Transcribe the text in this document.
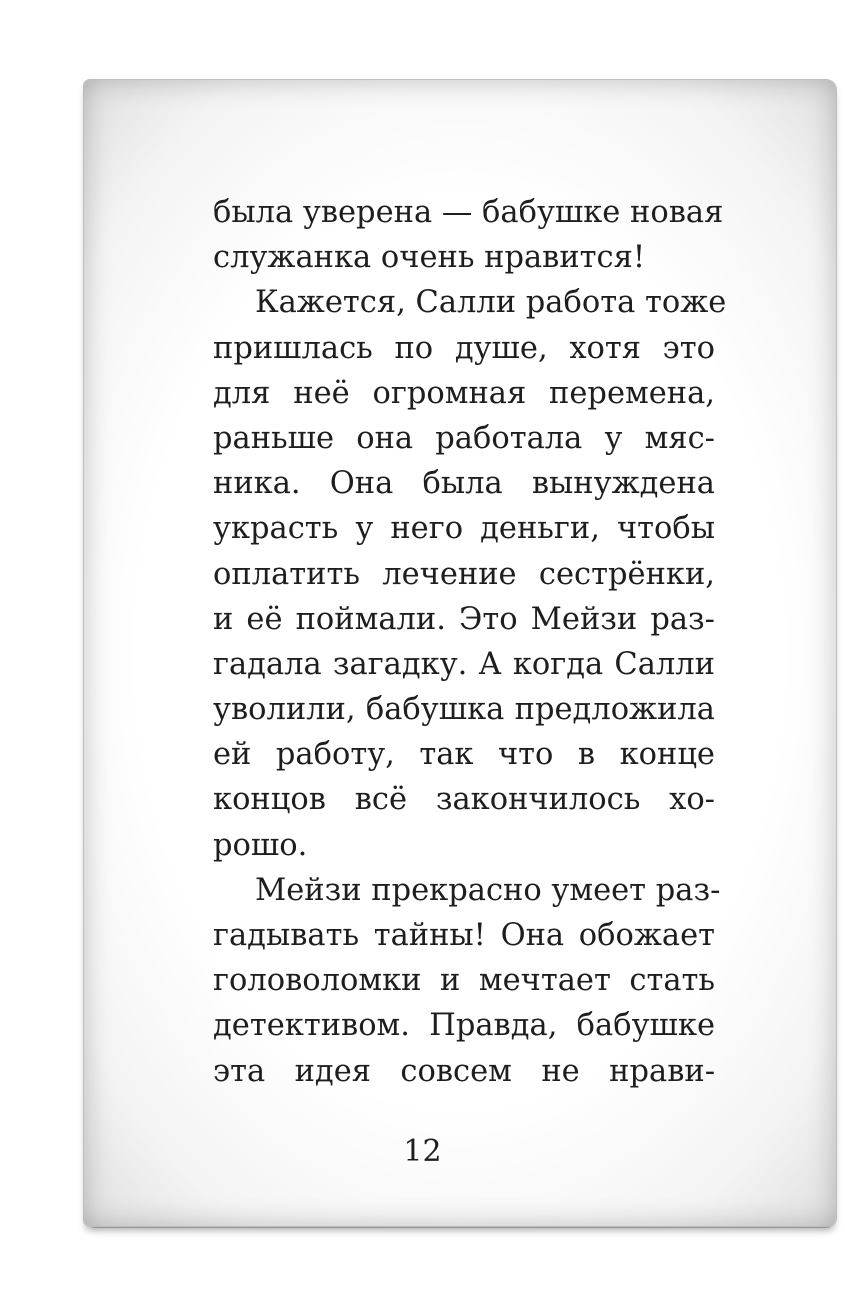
была уверена — бабушке новая
служанка очень нравится!
Кажется, Салли работа тоже
пришлась по душе, хотя это
для неё огромная перемена,
раньше она работала у мяс-
ника. Она была вынуждена
украсть у него деньги, чтобы
оплатить лечение сестрёнки,
и её поймали. Это Мейзи раз-
гадала загадку. А когда Салли
уволили, бабушка предложила
ей работу, так что в конце
концов всё закончилось хо-
рошо.
Мейзи прекрасно умеет раз-
гадывать тайны! Она обожает
головоломки и мечтает стать
детективом. Правда, бабушке
эта идея совсем не нрави-
12
